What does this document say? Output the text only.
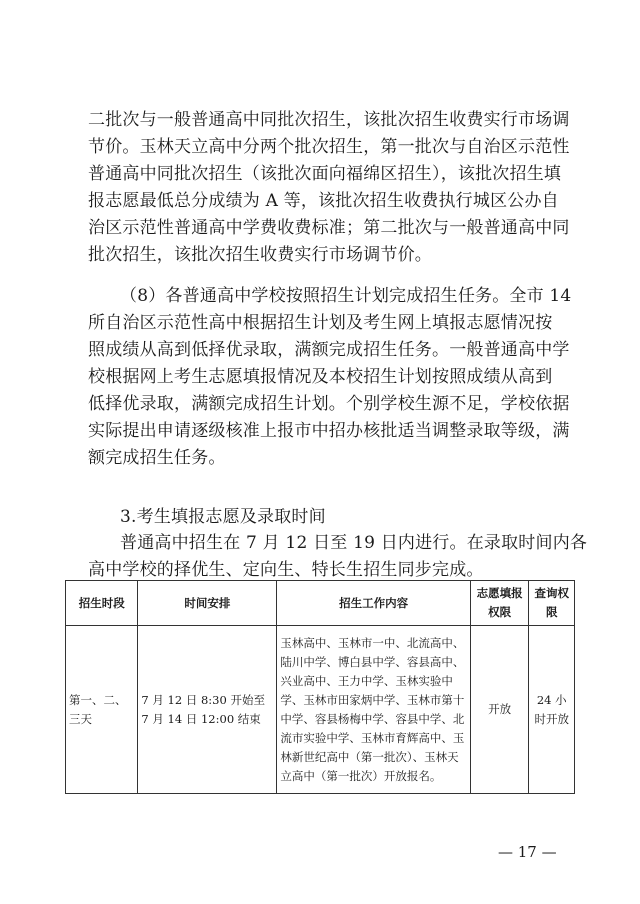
二批次与一般普通高中同批次招生，该批次招生收费实行市场调
节价。玉林天立高中分两个批次招生，第一批次与自治区示范性
普通高中同批次招生（该批次面向福绵区招生），该批次招生填
报志愿最低总分成绩为 A 等，该批次招生收费执行城区公办自
治区示范性普通高中学费收费标准；第二批次与一般普通高中同
批次招生，该批次招生收费实行市场调节价。
（8）各普通高中学校按照招生计划完成招生任务。全市 14
所自治区示范性高中根据招生计划及考生网上填报志愿情况按
照成绩从高到低择优录取，满额完成招生任务。一般普通高中学
校根据网上考生志愿填报情况及本校招生计划按照成绩从高到
低择优录取，满额完成招生计划。个别学校生源不足，学校依据
实际提出申请逐级核准上报市中招办核批适当调整录取等级，满
额完成招生任务。
3.考生填报志愿及录取时间
普通高中招生在 7 月 12 日至 19 日内进行。在录取时间内各
高中学校的择优生、定向生、特长生招生同步完成。
招生时段	时间安排	招生工作内容	志愿填报权限	查询权限
第一、二、三天	7 月 12 日 8:30 开始至 7 月 14 日 12:00 结束	玉林高中、玉林市一中、北流高中、陆川中学、博白县中学、容县高中、兴业高中、王力中学、玉林实验中学、玉林市田家炳中学、玉林市第十中学、容县杨梅中学、容县中学、北流市实验中学、玉林市育辉高中、玉林新世纪高中（第一批次）、玉林天立高中（第一批次）开放报名。	开放	24 小时开放
— 17 —
